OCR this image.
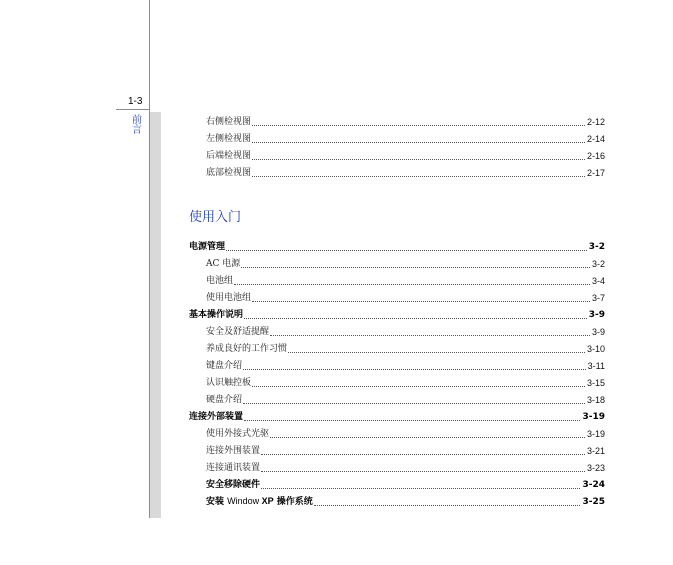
1-3
前言
右侧检视图	2-12
左侧检视图	2-14
后端检视图	2-16
底部检视图	2-17
使用入门
电源管理	3-2
AC 电源	3-2
电池组	3-4
使用电池组	3-7
基本操作说明	3-9
安全及舒适提醒	3-9
养成良好的工作习惯	3-10
键盘介绍	3-11
认识触控板	3-15
硬盘介绍	3-18
连接外部装置	3-19
使用外接式光驱	3-19
连接外围装置	3-21
连接通讯装置	3-23
安全移除硬件	3-24
安装 Window XP 操作系统	3-25
